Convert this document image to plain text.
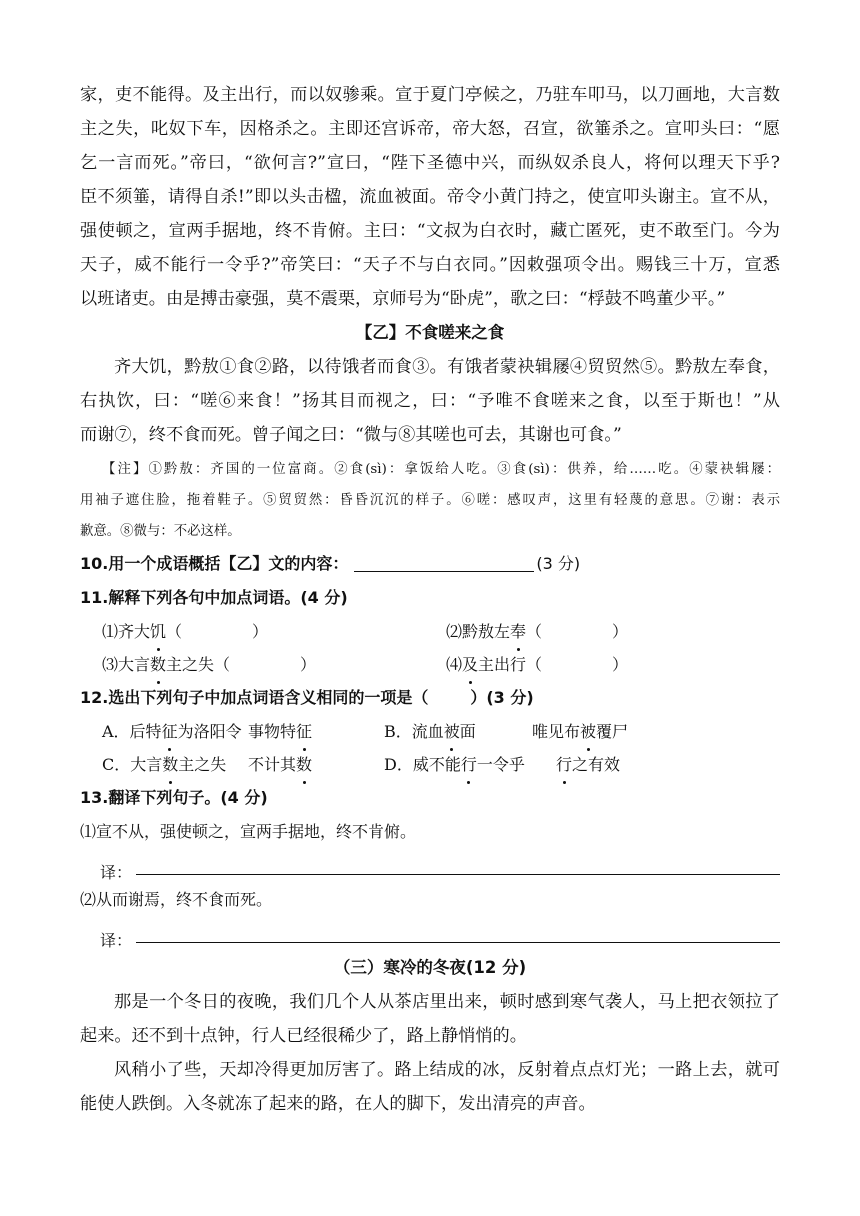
家，吏不能得。及主出行，而以奴骖乘。宣于夏门亭候之，乃驻车叩马，以刀画地，大言数

主之失，叱奴下车，因格杀之。主即还宫诉帝，帝大怒，召宣，欲箠杀之。宣叩头曰：“愿

乞一言而死。”帝曰，“欲何言?”宣曰，“陛下圣德中兴，而纵奴杀良人，将何以理天下乎?

臣不须箠，请得自杀!”即以头击楹，流血被面。帝令小黄门持之，使宣叩头谢主。宣不从，

强使顿之，宣两手据地，终不肯俯。主曰：“文叔为白衣时，藏亡匿死，吏不敢至门。今为

天子，威不能行一令乎?”帝笑曰：“天子不与白衣同。”因敕强项令出。赐钱三十万，宣悉

以班诸吏。由是搏击豪强，莫不震栗，京师号为“卧虎”，歌之曰：“桴鼓不鸣董少平。”

【乙】不食嗟来之食

齐大饥，黔敖①食②路，以待饿者而食③。有饿者蒙袂辑屦④贸贸然⑤。黔敖左奉食，

右执饮，曰：“嗟⑥来食！”扬其目而视之，曰：“予唯不食嗟来之食，以至于斯也！”从

而谢⑦，终不食而死。曾子闻之曰：“微与⑧其嗟也可去，其谢也可食。”

【注】①黔敖：齐国的一位富商。②食(sì)：拿饭给人吃。③食(sì)：供养，给……吃。④蒙袂辑屦：

用袖子遮住脸，拖着鞋子。⑤贸贸然：昏昏沉沉的样子。⑥嗟：感叹声，这里有轻蔑的意思。⑦谢：表示

歉意。⑧微与：不必这样。

10.用一个成语概括【乙】文的内容：	(3 分)

11.解释下列各句中加点词语。(4 分)

⑴齐大饥（	）	⑵黔敖左奉（	）
⑶大言数主之失（	）	⑷及主出行（	）

12.选出下列句子中加点词语含义相同的一项是（	）(3 分)

A．后特征为洛阳令 事物特征	B．流血被面	唯见布被覆尸
C．大言数主之失	不计其数	D．威不能行一令乎	行之有效

13.翻译下列句子。(4 分)

⑴宣不从，强使顿之，宣两手据地，终不肯俯。

译：

⑵从而谢焉，终不食而死。

译：

（三）寒冷的冬夜(12 分)

那是一个冬日的夜晚，我们几个人从茶店里出来，顿时感到寒气袭人，马上把衣领拉了

起来。还不到十点钟，行人已经很稀少了，路上静悄悄的。

风稍小了些，天却冷得更加厉害了。路上结成的冰，反射着点点灯光；一路上去，就可

能使人跌倒。入冬就冻了起来的路，在人的脚下，发出清亮的声音。
